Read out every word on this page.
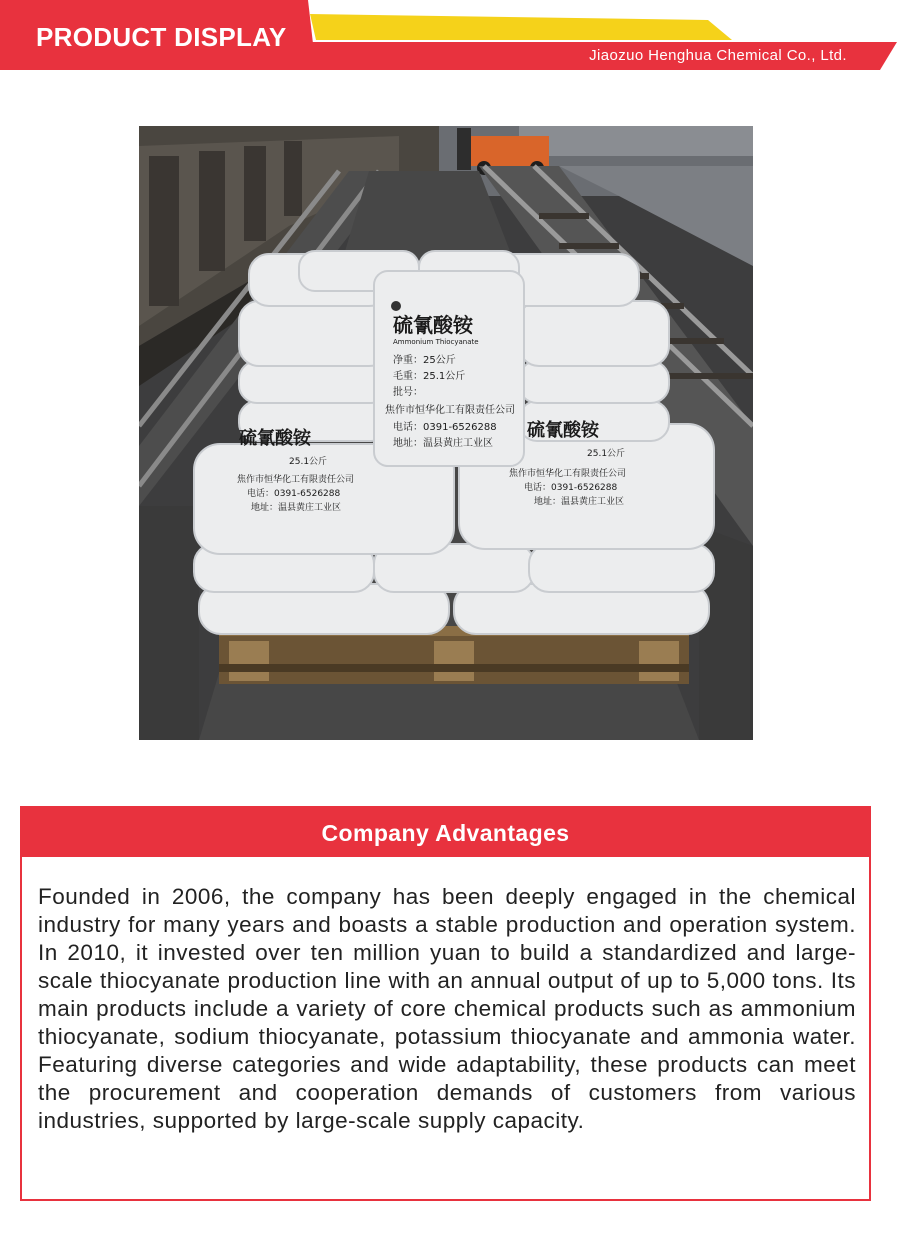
PRODUCT DISPLAY
Jiaozuo Henghua Chemical Co., Ltd.
硫氰酸铵
Ammonium Thiocyanate
净重：25公斤
毛重：25.1公斤
批号：
焦作市恒华化工有限责任公司
电话：0391-6526288
地址：温县黄庄工业区
硫氰酸铵
25.1公斤
焦作市恒华化工有限责任公司
电话：0391-6526288
地址：温县黄庄工业区
硫氰酸铵
25.1公斤
焦作市恒华化工有限责任公司
电话：0391-6526288
地址：温县黄庄工业区
Company Advantages

Founded in 2006, the company has been deeply engaged in the chemical industry for many years and boasts a stable production and operation system. In 2010, it invested over ten million yuan to build a standardized and large-scale thiocyanate production line with an annual output of up to 5,000 tons. Its main products include a variety of core chemical products such as ammonium thiocyanate, sodium thiocyanate, potassium thiocyanate and ammonia water. Featuring diverse categories and wide adaptability, these products can meet the procurement and cooperation demands of customers from various industries, supported by large-scale supply capacity.
